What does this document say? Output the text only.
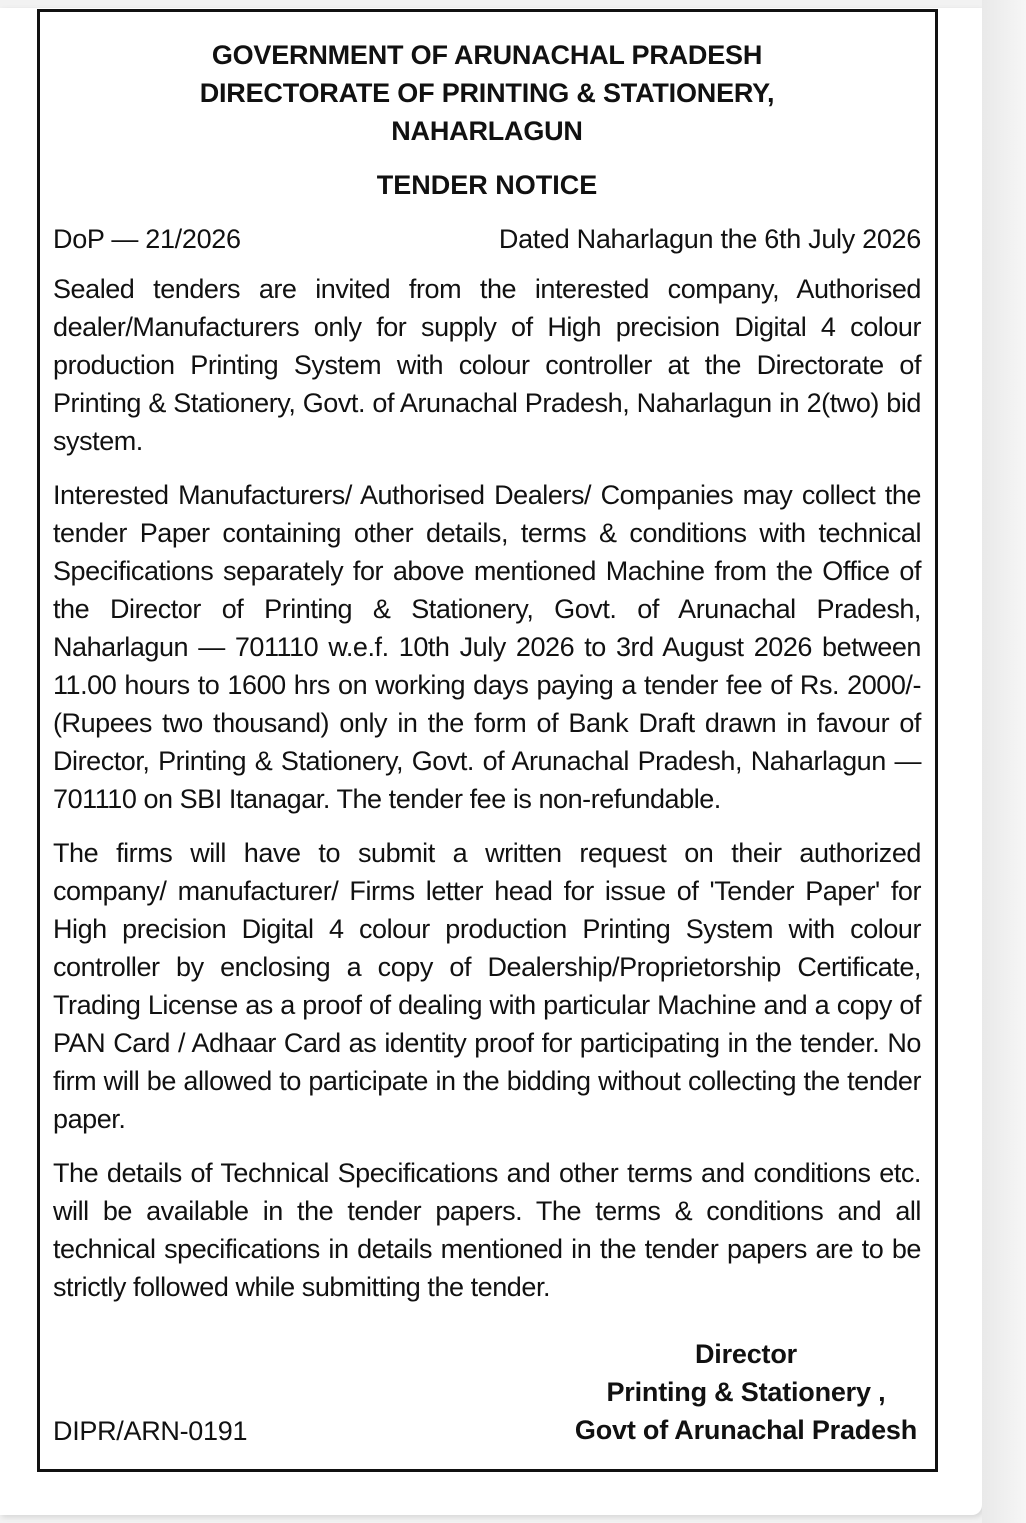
GOVERNMENT OF ARUNACHAL PRADESH
DIRECTORATE OF PRINTING & STATIONERY,
NAHARLAGUN
TENDER NOTICE
DoP — 21/2026	Dated Naharlagun the 6th July 2026

Sealed tenders are invited from the interested company, Authorised dealer/Manufacturers only for supply of High precision Digital 4 colour production Printing System with colour controller at the Directorate of Printing & Stationery, Govt. of Arunachal Pradesh, Naharlagun in 2(two) bid system.

Interested Manufacturers/ Authorised Dealers/ Companies may collect the tender Paper containing other details, terms & conditions with technical Specifications separately for above mentioned Machine from the Office of the Director of Printing & Stationery, Govt. of Arunachal Pradesh, Naharlagun — 701110 w.e.f. 10th July 2026 to 3rd August 2026 between 11.00 hours to 1600 hrs on working days paying a tender fee of Rs. 2000/- (Rupees two thousand) only in the form of Bank Draft drawn in favour of Director, Printing & Stationery, Govt. of Arunachal Pradesh, Naharlagun — 701110 on SBI Itanagar. The tender fee is non-refundable.

The firms will have to submit a written request on their authorized company/ manufacturer/ Firms letter head for issue of 'Tender Paper' for High precision Digital 4 colour production Printing System with colour controller by enclosing a copy of Dealership/Proprietorship Certificate, Trading License as a proof of dealing with particular Machine and a copy of PAN Card / Adhaar Card as identity proof for participating in the tender. No firm will be allowed to participate in the bidding without collecting the tender paper.

The details of Technical Specifications and other terms and conditions etc. will be available in the tender papers. The terms & conditions and all technical specifications in details mentioned in the tender papers are to be strictly followed while submitting the tender.

Director
Printing & Stationery ,
Govt of Arunachal Pradesh
DIPR/ARN-0191
